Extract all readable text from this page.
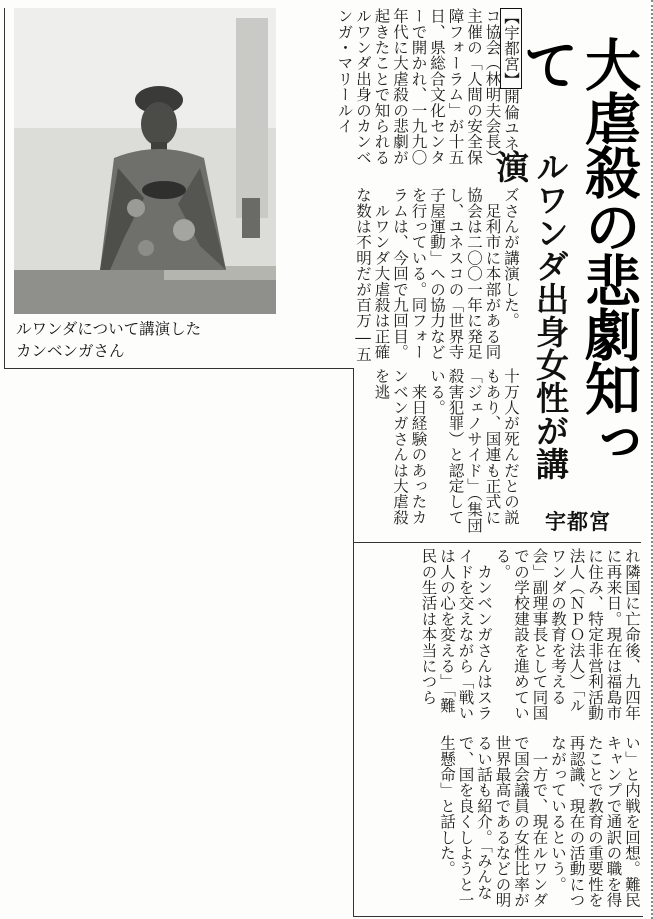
大虐殺の悲劇知って
ルワンダ出身女性が講演
宇都宮
ルワンダについて講演した
カンベンガさん
【宇都宮】開倫ユネスコ協会（林明夫会長）主催の「人間の安全保障フォーラム」が十五日、県総合文化センターで開かれ、一九九〇年代に大虐殺の悲劇が起きたことで知られるルワンダ出身のカンベンガ・マリールイ
ズさんが講演した。
　足利市に本部がある同協会は二〇〇一年に発足し、ユネスコの「世界寺子屋運動」への協力などを行っている。同フォーラムは、今回で九回目。
　ルワンダ大虐殺は正確な数は不明だが百万―五
十万人が死んだとの説もあり、国連も正式に「ジェノサイド」（集団殺害犯罪）と認定している。
　来日経験のあったカンベンガさんは大虐殺を逃
れ隣国に亡命後、九四年に再来日。現在は福島市に住み、特定非営利活動法人（ＮＰＯ法人）「ルワンダの教育を考える会」副理事長として同国での学校建設を進めている。
　カンベンガさんはスライドを交えながら「戦いは人の心を変える」「難民の生活は本当につら
い」と内戦を回想。難民キャンプで通訳の職を得たことで教育の重要性を再認識、現在の活動につながっているという。
　一方で、現在ルワンダで国会議員の女性比率が世界最高であるなどの明るい話も紹介。「みんなで、国を良くしようと一生懸命」と話した。
